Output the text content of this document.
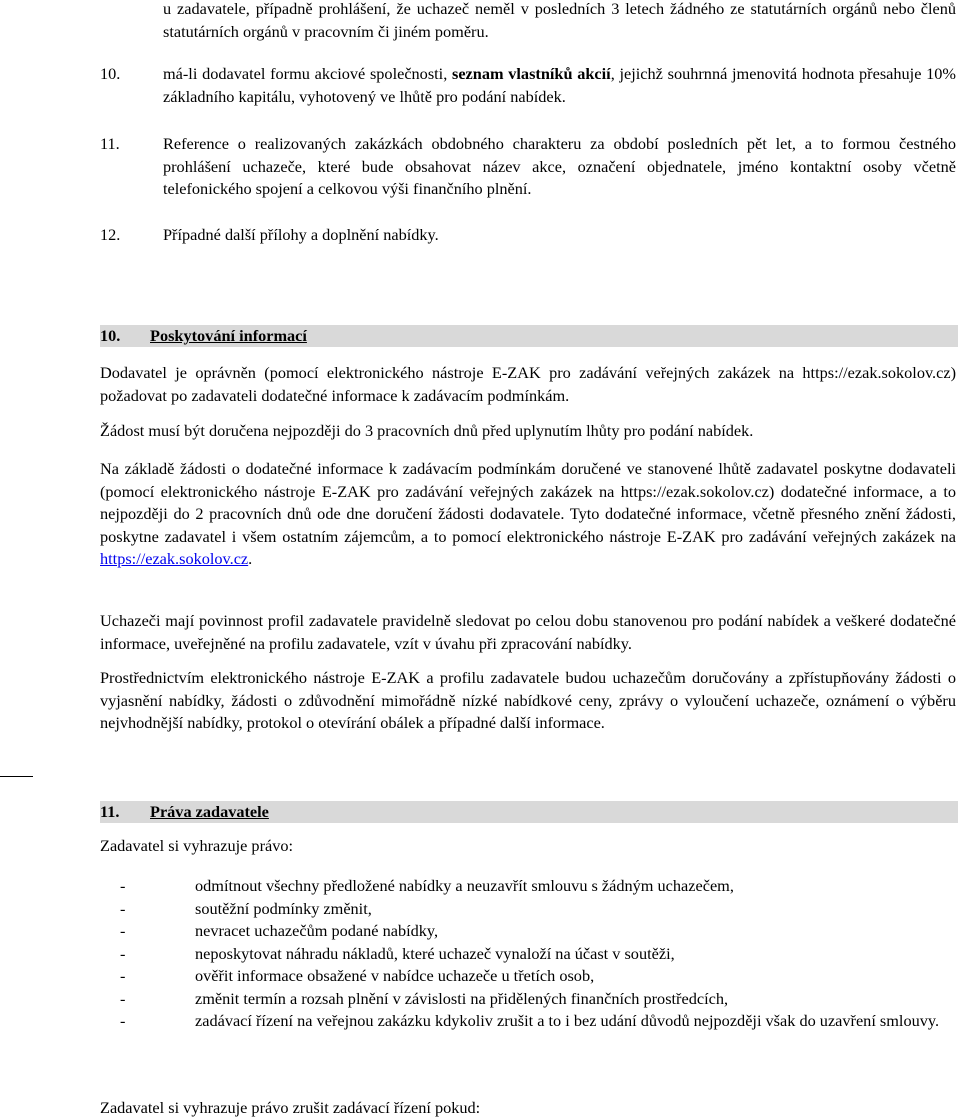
u zadavatele, případně prohlášení, že uchazeč neměl v posledních 3 letech žádného ze statutárních orgánů nebo členů statutárních orgánů v pracovním či jiném poměru.
10.	má-li dodavatel formu akciové společnosti, seznam vlastníků akcií, jejichž souhrnná jmenovitá hodnota přesahuje 10% základního kapitálu, vyhotovený ve lhůtě pro podání nabídek.
11.	Reference o realizovaných zakázkách obdobného charakteru za období posledních pět let, a to formou čestného prohlášení uchazeče, které bude obsahovat název akce, označení objednatele, jméno kontaktní osoby včetně telefonického spojení a celkovou výši finančního plnění.
12.	Případné další přílohy a doplnění nabídky.
10. Poskytování informací
Dodavatel je oprávněn (pomocí elektronického nástroje E-ZAK pro zadávání veřejných zakázek na https://ezak.sokolov.cz) požadovat po zadavateli dodatečné informace k zadávacím podmínkám.
Žádost musí být doručena nejpozději do 3 pracovních dnů před uplynutím lhůty pro podání nabídek.
Na základě žádosti o dodatečné informace k zadávacím podmínkám doručené ve stanovené lhůtě zadavatel poskytne dodavateli (pomocí elektronického nástroje E-ZAK pro zadávání veřejných zakázek na https://ezak.sokolov.cz) dodatečné informace, a to nejpozději do 2 pracovních dnů ode dne doručení žádosti dodavatele. Tyto dodatečné informace, včetně přesného znění žádosti, poskytne zadavatel i všem ostatním zájemcům, a to pomocí elektronického nástroje E-ZAK pro zadávání veřejných zakázek na https://ezak.sokolov.cz.
Uchazeči mají povinnost profil zadavatele pravidelně sledovat po celou dobu stanovenou pro podání nabídek a veškeré dodatečné informace, uveřejněné na profilu zadavatele, vzít v úvahu při zpracování nabídky.
Prostřednictvím elektronického nástroje E-ZAK a profilu zadavatele budou uchazečům doručovány a zpřístupňovány žádosti o vyjasnění nabídky, žádosti o zdůvodnění mimořádně nízké nabídkové ceny, zprávy o vyloučení uchazeče, oznámení o výběru nejvhodnější nabídky, protokol o otevírání obálek a případné další informace.
11. Práva zadavatele
Zadavatel si vyhrazuje právo:
-	odmítnout všechny předložené nabídky a neuzavřít smlouvu s žádným uchazečem,
-	soutěžní podmínky změnit,
-	nevracet uchazečům podané nabídky,
-	neposkytovat náhradu nákladů, které uchazeč vynaloží na účast v soutěži,
-	ověřit informace obsažené v nabídce uchazeče u třetích osob,
-	změnit termín a rozsah plnění v závislosti na přidělených finančních prostředcích,
-	zadávací řízení na veřejnou zakázku kdykoliv zrušit a to i bez udání důvodů nejpozději však do uzavření smlouvy.
Zadavatel si vyhrazuje právo zrušit zadávací řízení pokud:
